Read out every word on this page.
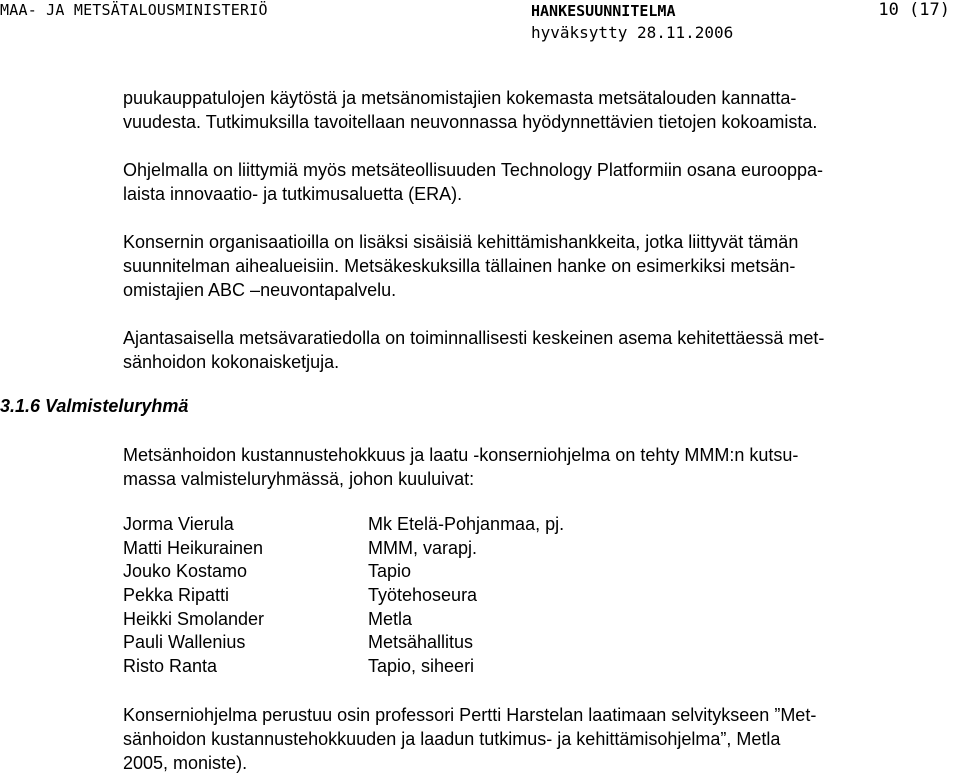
MAA- JA METSÄTALOUSMINISTERIÖ	HANKESUUNNITELMA
hyväksytty 28.11.2006
10 (17)
puukauppatulojen käytöstä ja metsänomistajien kokemasta metsätalouden kannatta-
vuudesta. Tutkimuksilla tavoitellaan neuvonnassa hyödynnettävien tietojen kokoamista.
Ohjelmalla on liittymiä myös metsäteollisuuden Technology Platformiin osana eurooppa-
laista innovaatio- ja tutkimusaluetta (ERA).
Konsernin organisaatioilla on lisäksi sisäisiä kehittämishankkeita, jotka liittyvät tämän
suunnitelman aihealueisiin. Metsäkeskuksilla tällainen hanke on esimerkiksi metsän-
omistajien ABC –neuvontapalvelu.
Ajantasaisella metsävaratiedolla on toiminnallisesti keskeinen asema kehitettäessä met-
sänhoidon kokonaisketjuja.
3.1.6 Valmisteluryhmä
Metsänhoidon kustannustehokkuus ja laatu -konserniohjelma on tehty MMM:n kutsu-
massa valmisteluryhmässä, johon kuuluivat:
Jorma Vierula	Mk Etelä-Pohjanmaa, pj.
Matti Heikurainen	MMM, varapj.
Jouko Kostamo	Tapio
Pekka Ripatti	Työtehoseura
Heikki Smolander	Metla
Pauli Wallenius	Metsähallitus
Risto Ranta	Tapio, siheeri
Konserniohjelma perustuu osin professori Pertti Harstelan laatimaan selvitykseen ”Met-
sänhoidon kustannustehokkuuden ja laadun tutkimus- ja kehittämisohjelma”, Metla
2005, moniste).
